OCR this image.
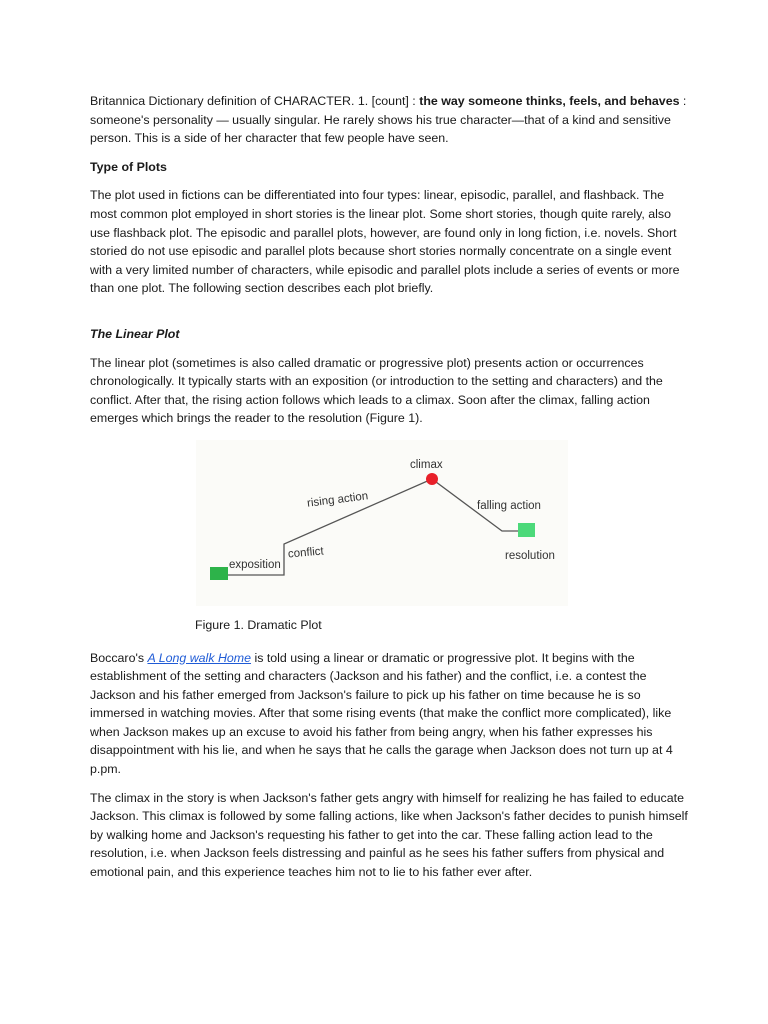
Britannica Dictionary definition of CHARACTER. 1. [count] : the way someone thinks, feels, and behaves : someone's personality — usually singular. He rarely shows his true character—that of a kind and sensitive person. This is a side of her character that few people have seen.

Type of Plots

The plot used in fictions can be differentiated into four types: linear, episodic, parallel, and flashback. The most common plot employed in short stories is the linear plot. Some short stories, though quite rarely, also use flashback plot. The episodic and parallel plots, however, are found only in long fiction, i.e. novels. Short storied do not use episodic and parallel plots because short stories normally concentrate on a single event with a very limited number of characters, while episodic and parallel plots include a series of events or more than one plot. The following section describes each plot briefly.

The Linear Plot

The linear plot (sometimes is also called dramatic or progressive plot) presents action or occurrences chronologically. It typically starts with an exposition (or introduction to the setting and characters) and the conflict. After that, the rising action follows which leads to a climax. Soon after the climax, falling action emerges which brings the reader to the resolution (Figure 1).

climax
rising action	falling action
conflict
exposition
resolution
Figure 1. Dramatic Plot

Boccaro's A Long walk Home is told using a linear or dramatic or progressive plot. It begins with the establishment of the setting and characters (Jackson and his father) and the conflict, i.e. a contest the Jackson and his father emerged from Jackson's failure to pick up his father on time because he is so immersed in watching movies. After that some rising events (that make the conflict more complicated), like when Jackson makes up an excuse to avoid his father from being angry, when his father expresses his disappointment with his lie, and when he says that he calls the garage when Jackson does not turn up at 4 p.pm.

The climax in the story is when Jackson's father gets angry with himself for realizing he has failed to educate Jackson. This climax is followed by some falling actions, like when Jackson's father decides to punish himself by walking home and Jackson's requesting his father to get into the car. These falling action lead to the resolution, i.e. when Jackson feels distressing and painful as he sees his father suffers from physical and emotional pain, and this experience teaches him not to lie to his father ever after.
